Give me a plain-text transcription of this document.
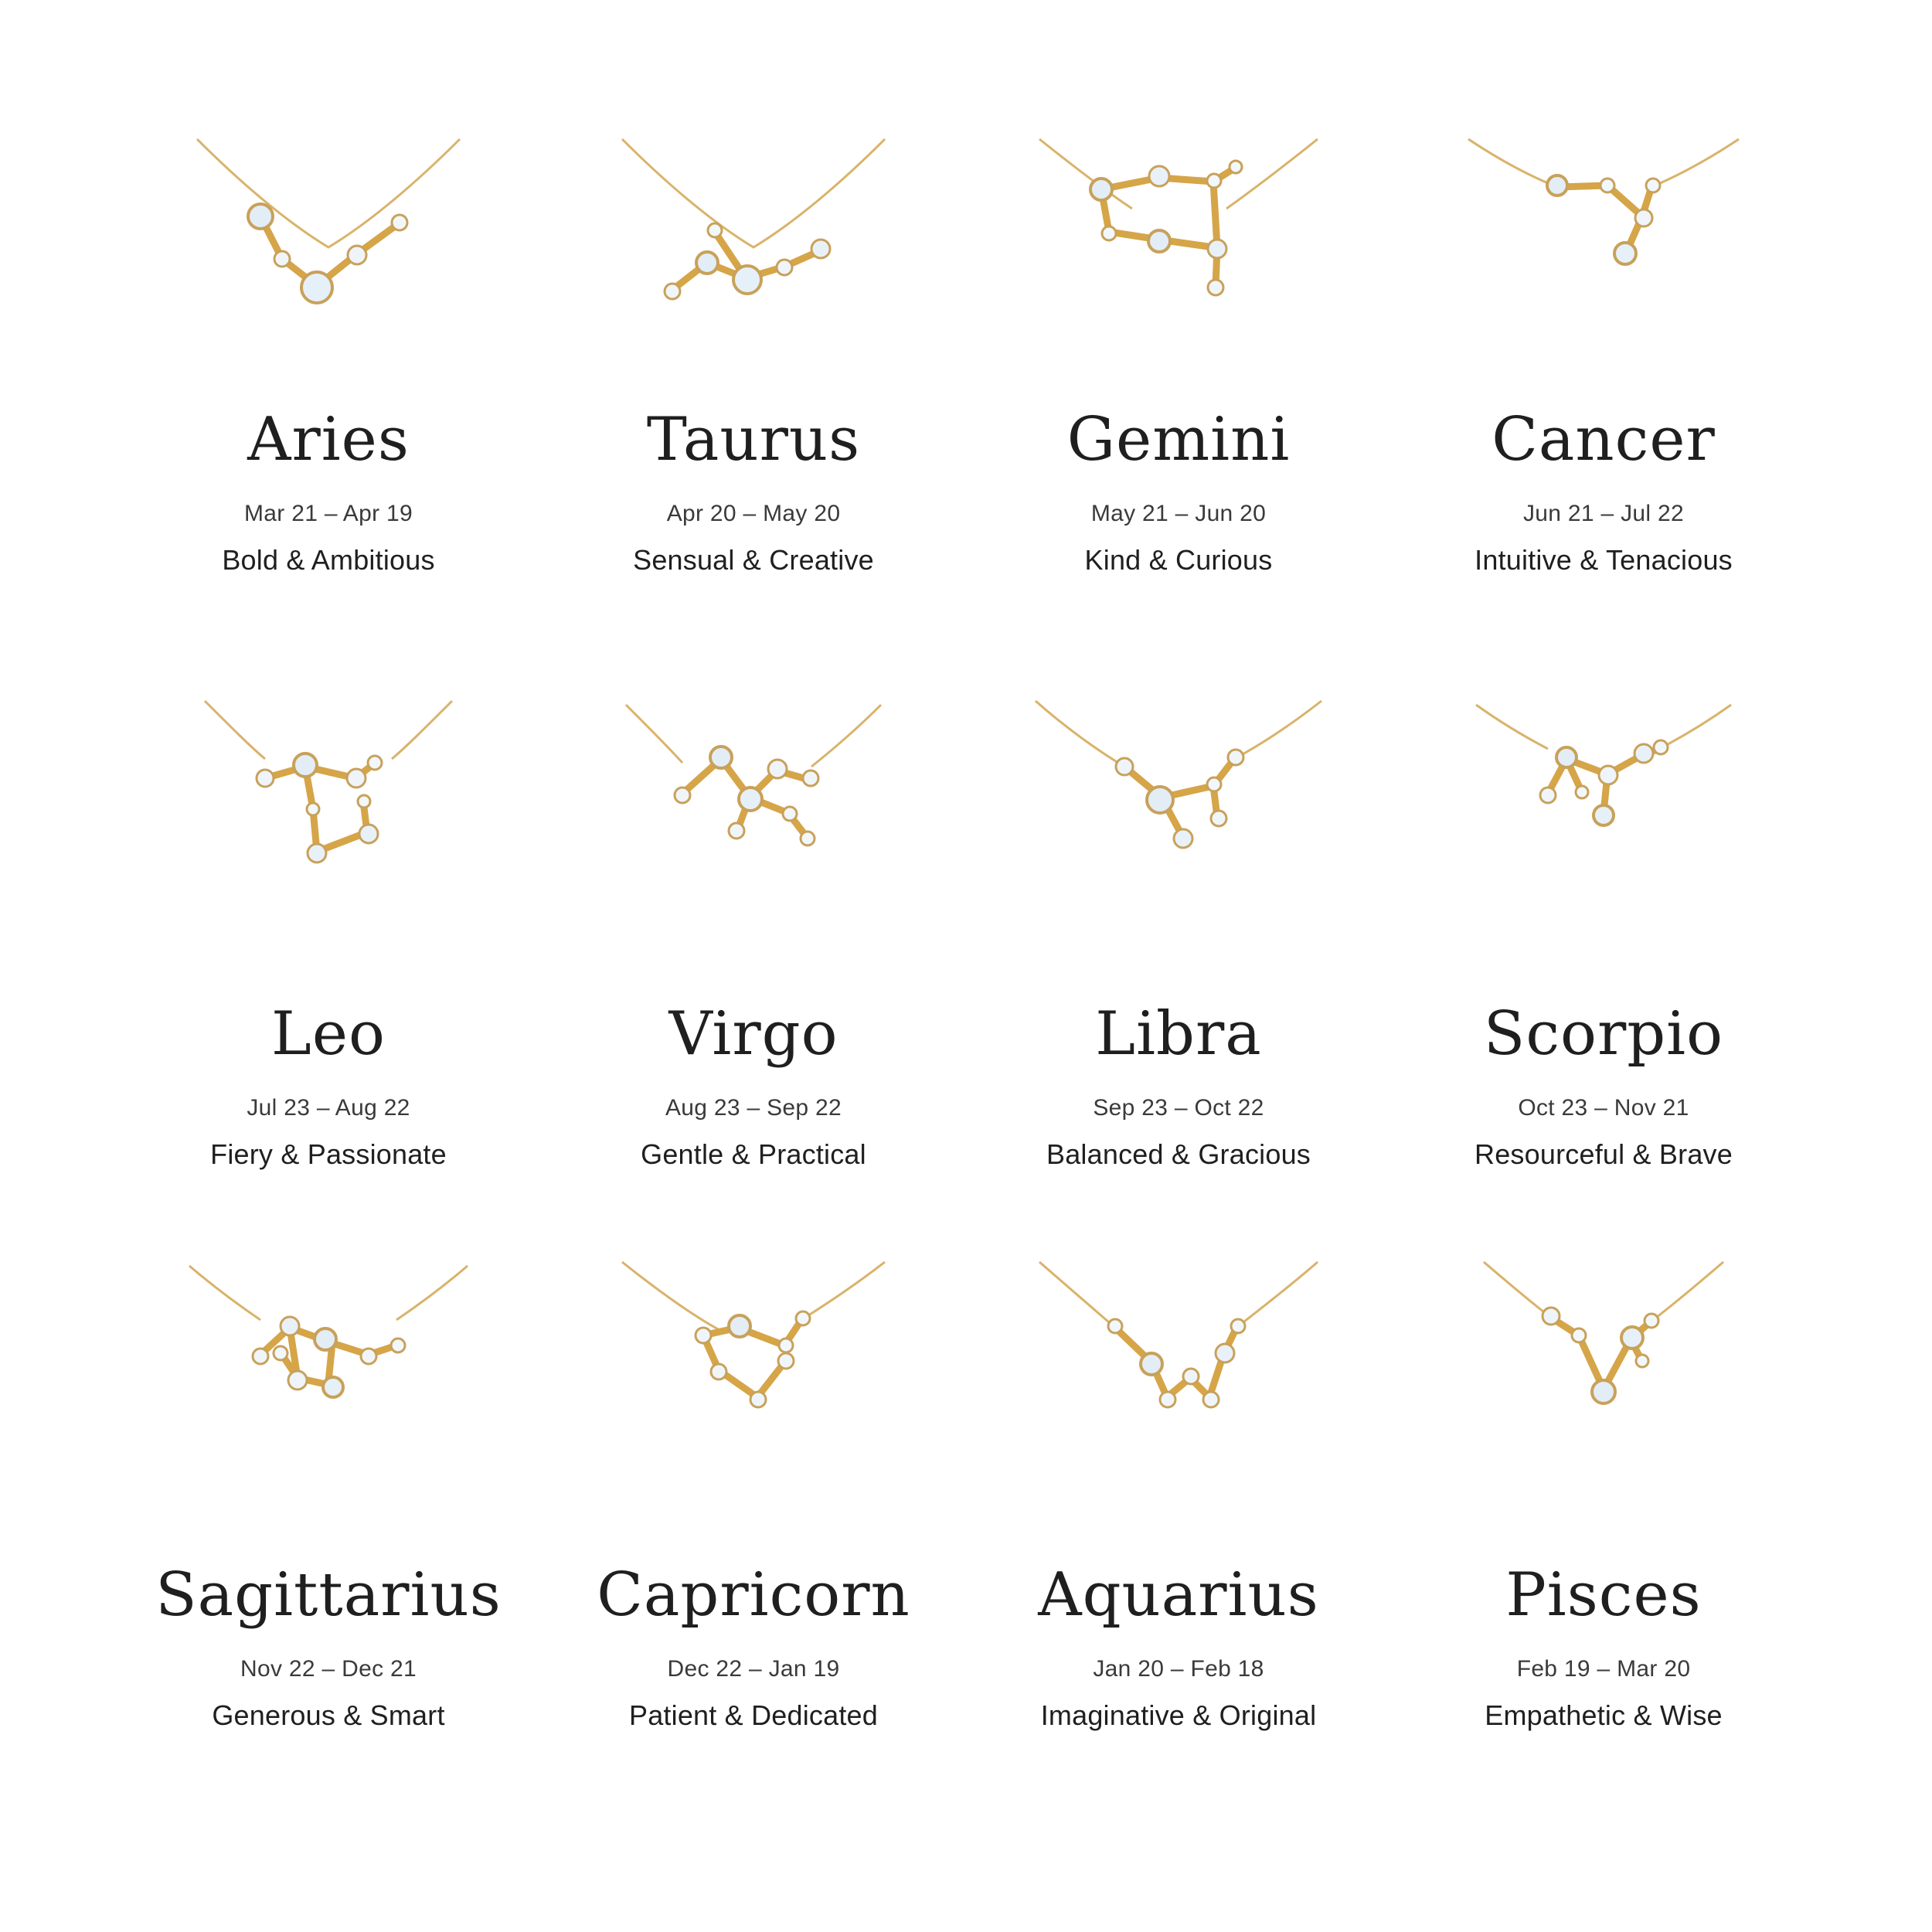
Aries
Mar 21 – Apr 19
Bold & Ambitious
Taurus
Apr 20 – May 20
Sensual & Creative
Gemini
May 21 – Jun 20
Kind & Curious
Cancer
Jun 21 – Jul 22
Intuitive & Tenacious
Leo
Jul 23 – Aug 22
Fiery & Passionate
Virgo
Aug 23 – Sep 22
Gentle & Practical
Libra
Sep 23 – Oct 22
Balanced & Gracious
Scorpio
Oct 23 – Nov 21
Resourceful & Brave
Sagittarius
Nov 22 – Dec 21
Generous & Smart
Capricorn
Dec 22 – Jan 19
Patient & Dedicated
Aquarius
Jan 20 – Feb 18
Imaginative & Original
Pisces
Feb 19 – Mar 20
Empathetic & Wise
